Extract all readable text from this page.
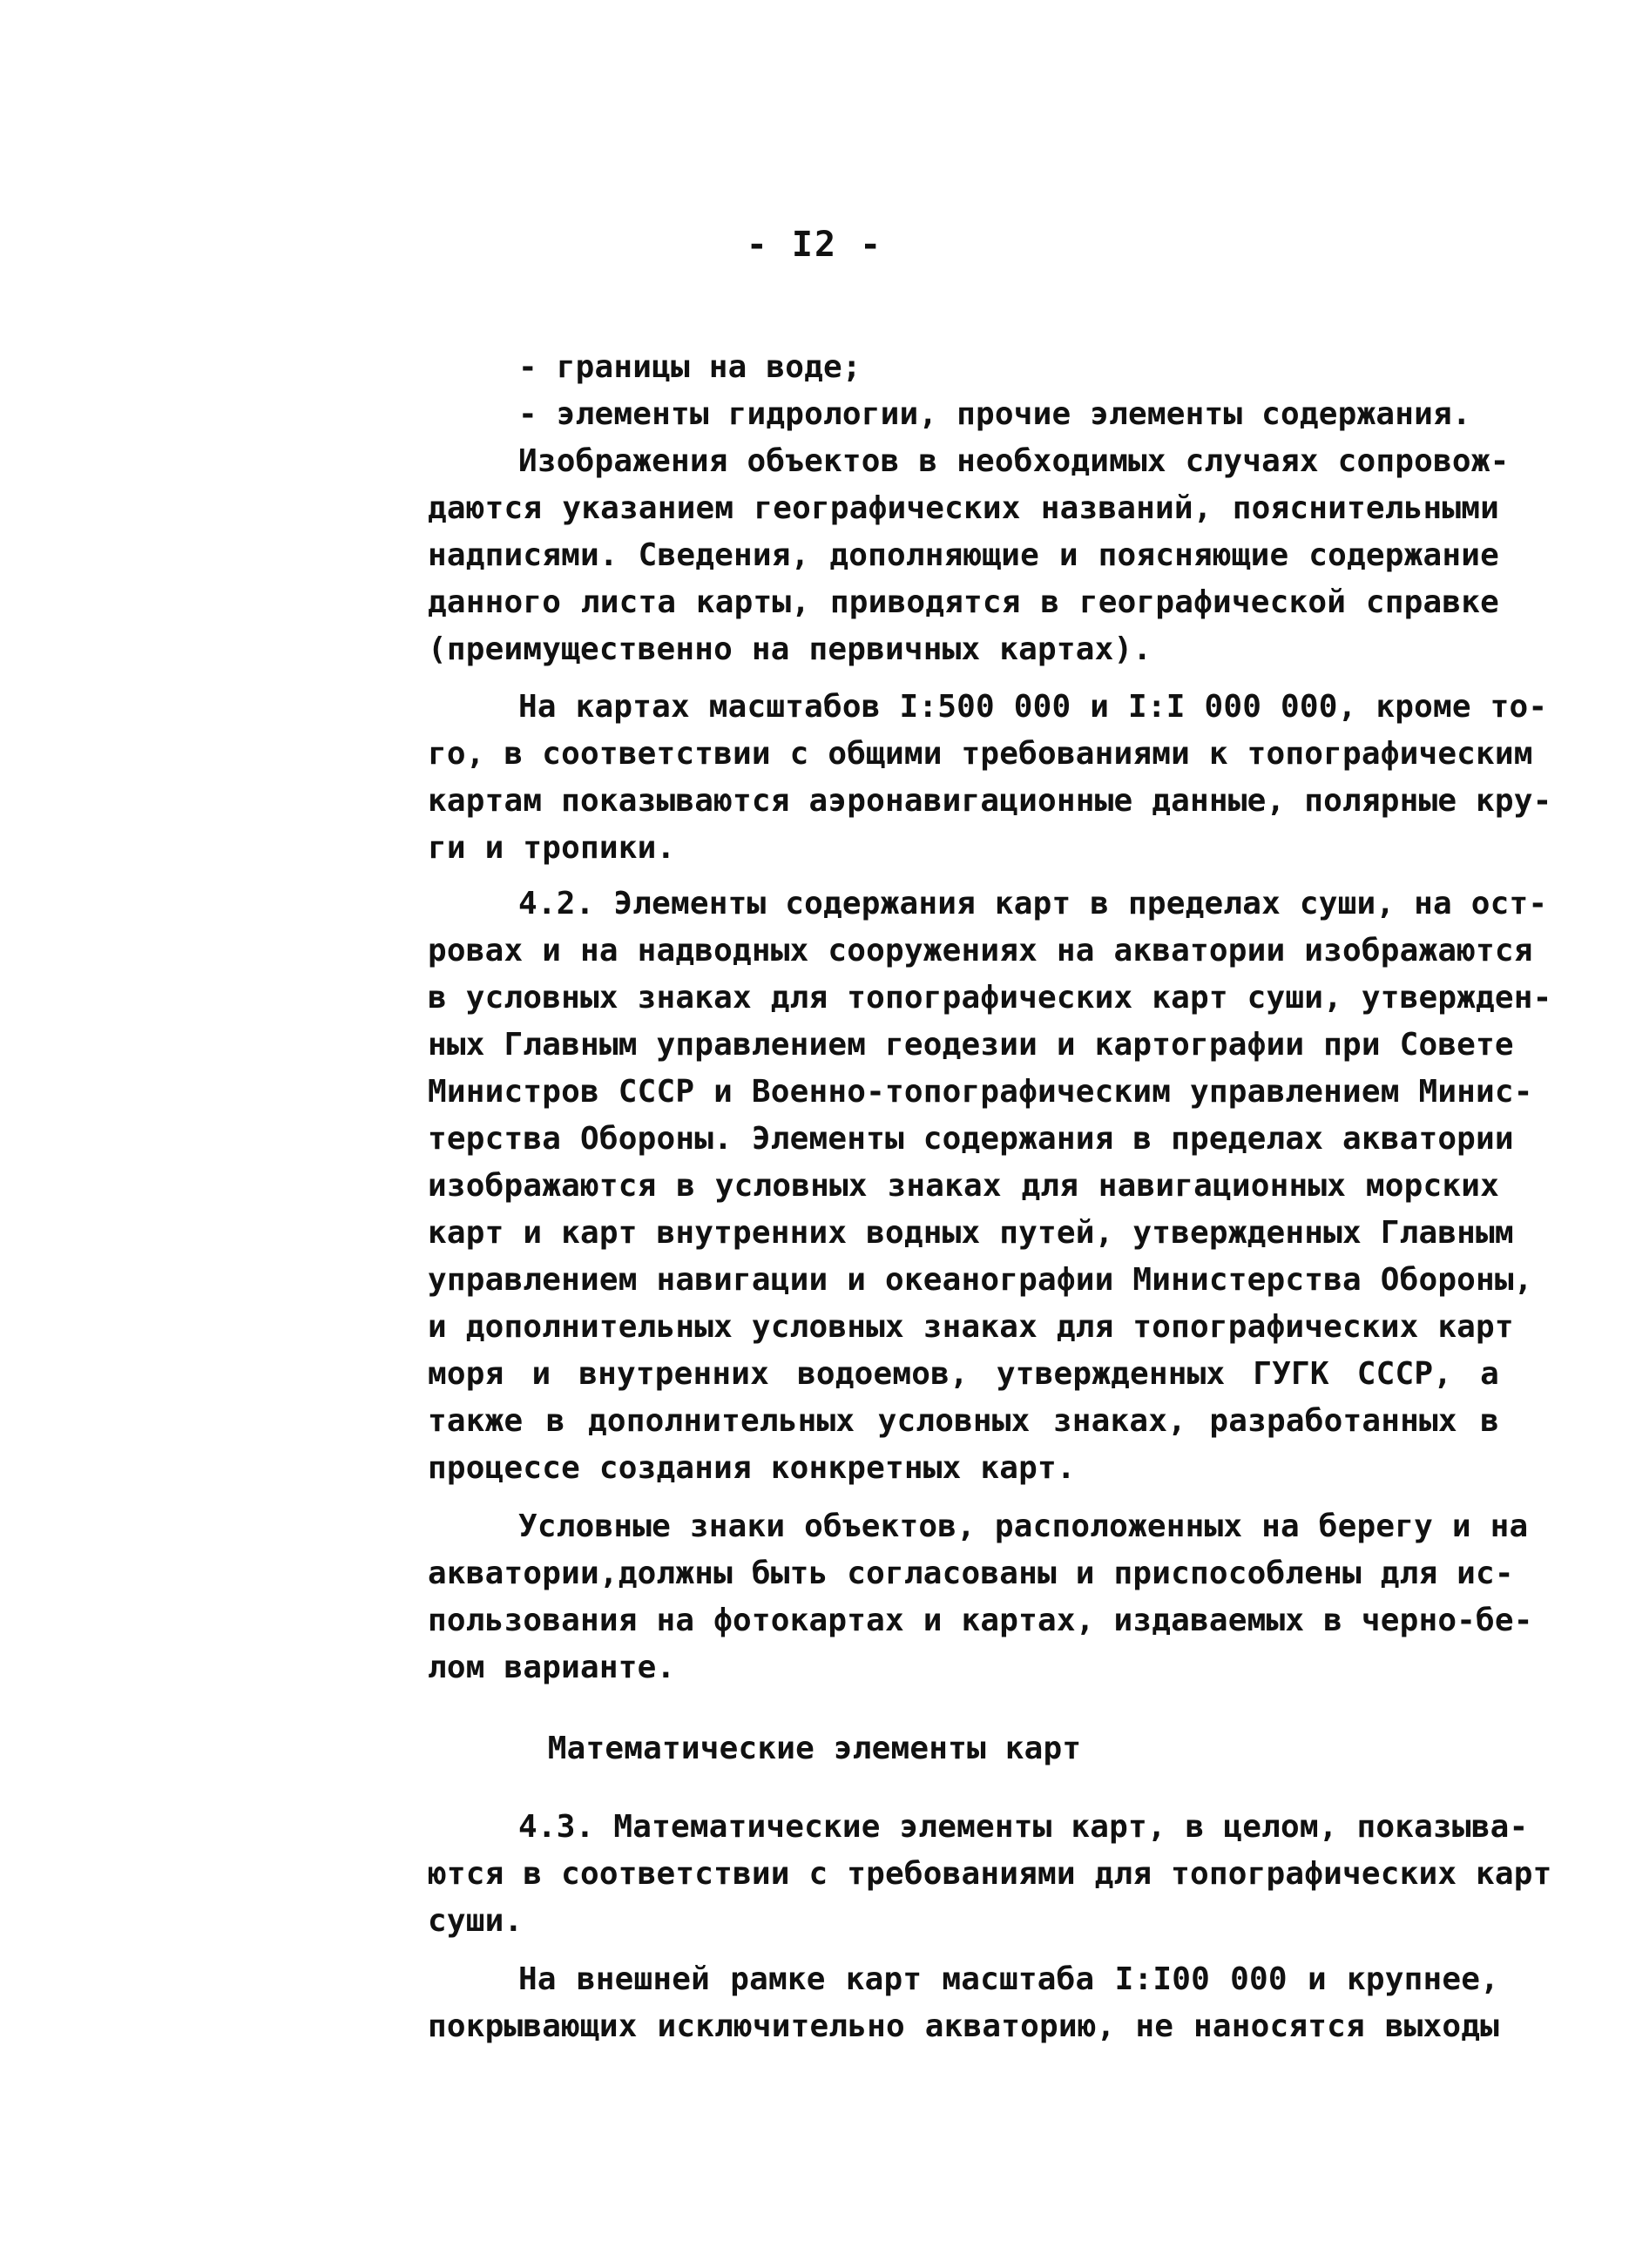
- I2 -
- границы на воде;
- элементы гидрологии, прочие элементы содержания.
Изображения объектов в необходимых случаях сопровож-
даются указанием географических названий, пояснительными
надписями. Сведения, дополняющие и поясняющие содержание
данного листа карты, приводятся в географической справке
(преимущественно на первичных картах).
На картах масштабов I:500 000 и I:I 000 000, кроме то-
го, в соответствии с общими требованиями к топографическим
картам показываются аэронавигационные данные, полярные кру-
ги и тропики.
4.2. Элементы содержания карт в пределах суши, на ост-
ровах и на надводных сооружениях на акватории изображаются
в условных знаках для топографических карт суши, утвержден-
ных Главным управлением геодезии и картографии при Совете
Министров СССР и Военно-топографическим управлением Минис-
терства Обороны. Элементы содержания в пределах акватории
изображаются в условных знаках для навигационных морских
карт и карт внутренних водных путей, утвержденных Главным
управлением навигации и океанографии Министерства Обороны,
и дополнительных условных знаках для топографических карт
моря и внутренних водоемов, утвержденных ГУГК СССР, а
также в дополнительных условных знаках, разработанных в
процессе создания конкретных карт.
Условные знаки объектов, расположенных на берегу и на
акватории,должны быть согласованы и приспособлены для ис-
пользования на фотокартах и картах, издаваемых в черно-бе-
лом варианте.
Математические элементы карт
4.3. Математические элементы карт, в целом, показыва-
ются в соответствии с требованиями для топографических карт
суши.
На внешней рамке карт масштаба I:I00 000 и крупнее,
покрывающих исключительно акваторию, не наносятся выходы
